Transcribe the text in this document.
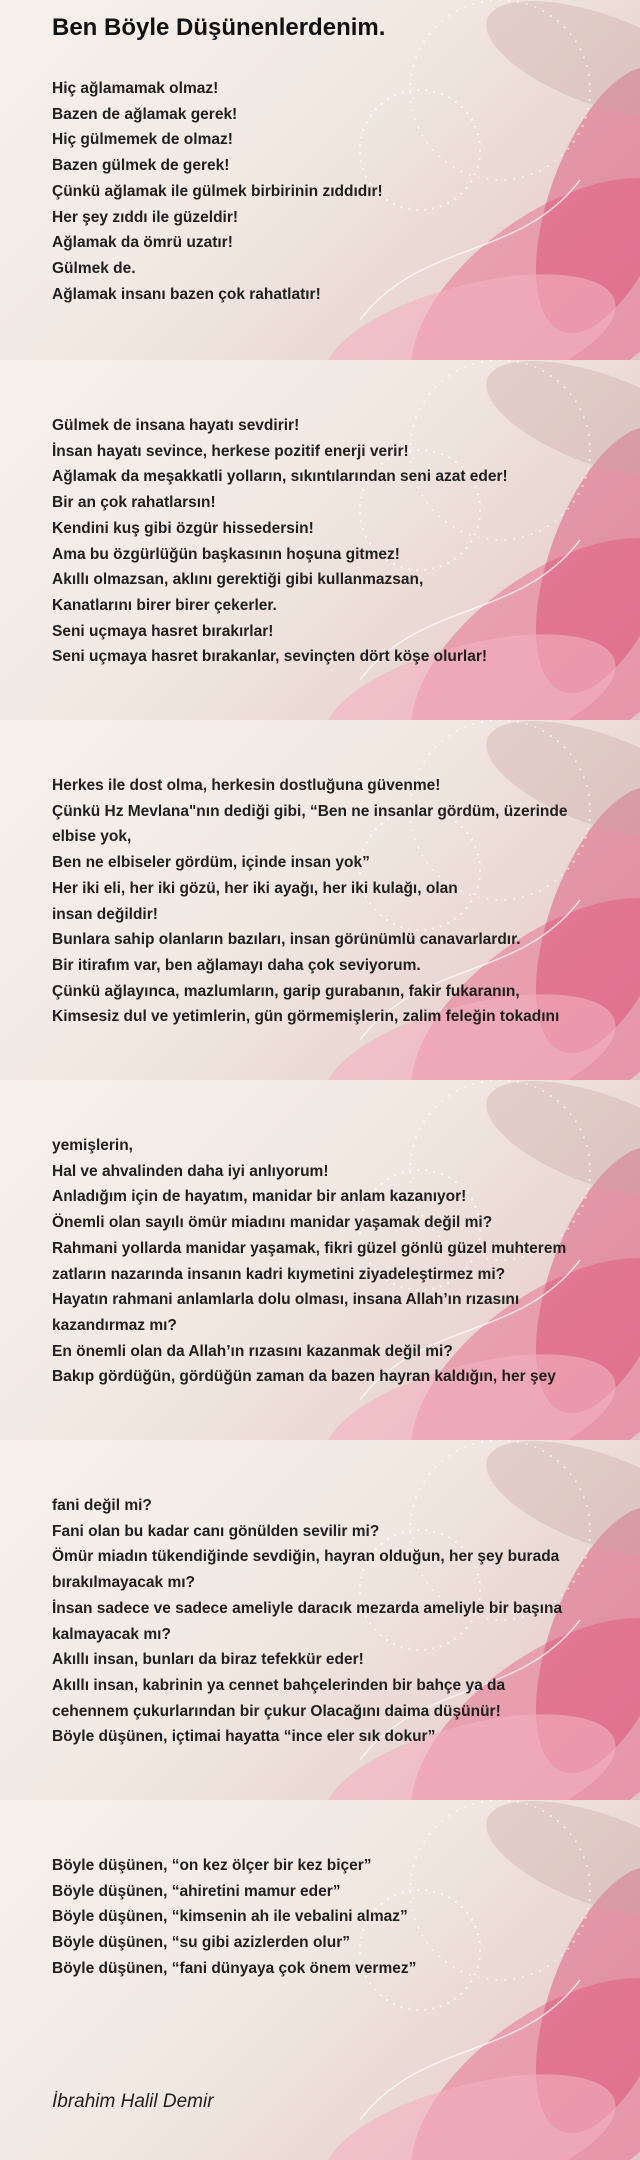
Ben Böyle Düşünenlerdenim.
Hiç ağlamamak olmaz!
Bazen de ağlamak gerek!
Hiç gülmemek de olmaz!
Bazen gülmek de gerek!
Çünkü ağlamak ile gülmek birbirinin zıddıdır!
Her şey zıddı ile güzeldir!
Ağlamak da ömrü uzatır!
Gülmek de.
Ağlamak insanı bazen çok rahatlatır!
Gülmek de insana hayatı sevdirir!
İnsan hayatı sevince, herkese pozitif enerji verir!
Ağlamak da meşakkatli yolların, sıkıntılarından seni azat eder!
Bir an çok rahatlarsın!
Kendini kuş gibi özgür hissedersin!
Ama bu özgürlüğün başkasının hoşuna gitmez!
Akıllı olmazsan, aklını gerektiği gibi kullanmazsan,
Kanatlarını birer birer çekerler.
Seni uçmaya hasret bırakırlar!
Seni uçmaya hasret bırakanlar, sevinçten dört köşe olurlar!
Herkes ile dost olma, herkesin dostluğuna güvenme!
Çünkü Hz Mevlana"nın dediği gibi, “Ben ne insanlar gördüm, üzerinde
elbise yok,
Ben ne elbiseler gördüm, içinde insan yok”
Her iki eli, her iki gözü, her iki ayağı, her iki kulağı, olan
insan değildir!
Bunlara sahip olanların bazıları, insan görünümlü canavarlardır.
Bir itirafım var, ben ağlamayı daha çok seviyorum.
Çünkü ağlayınca, mazlumların, garip gurabanın, fakir fukaranın,
Kimsesiz dul ve yetimlerin, gün görmemişlerin, zalim feleğin tokadını
yemişlerin,
Hal ve ahvalinden daha iyi anlıyorum!
Anladığım için de hayatım, manidar bir anlam kazanıyor!
Önemli olan sayılı ömür miadını manidar yaşamak değil mi?
Rahmani yollarda manidar yaşamak, fikri güzel gönlü güzel muhterem
zatların nazarında insanın kadri kıymetini ziyadeleştirmez mi?
Hayatın rahmani anlamlarla dolu olması, insana Allah’ın rızasını
kazandırmaz mı?
En önemli olan da Allah’ın rızasını kazanmak değil mi?
Bakıp gördüğün, gördüğün zaman da bazen hayran kaldığın, her şey
fani değil mi?
Fani olan bu kadar canı gönülden sevilir mi?
Ömür miadın tükendiğinde sevdiğin, hayran olduğun, her şey burada
bırakılmayacak mı?
İnsan sadece ve sadece ameliyle daracık mezarda ameliyle bir başına
kalmayacak mı?
Akıllı insan, bunları da biraz tefekkür eder!
Akıllı insan, kabrinin ya cennet bahçelerinden bir bahçe ya da
cehennem çukurlarından bir çukur Olacağını daima düşünür!
Böyle düşünen, içtimai hayatta “ince eler sık dokur”
Böyle düşünen, “on kez ölçer bir kez biçer”
Böyle düşünen, “ahiretini mamur eder”
Böyle düşünen, “kimsenin ah ile vebalini almaz”
Böyle düşünen, “su gibi azizlerden olur”
Böyle düşünen, “fani dünyaya çok önem vermez”
İbrahim Halil Demir
